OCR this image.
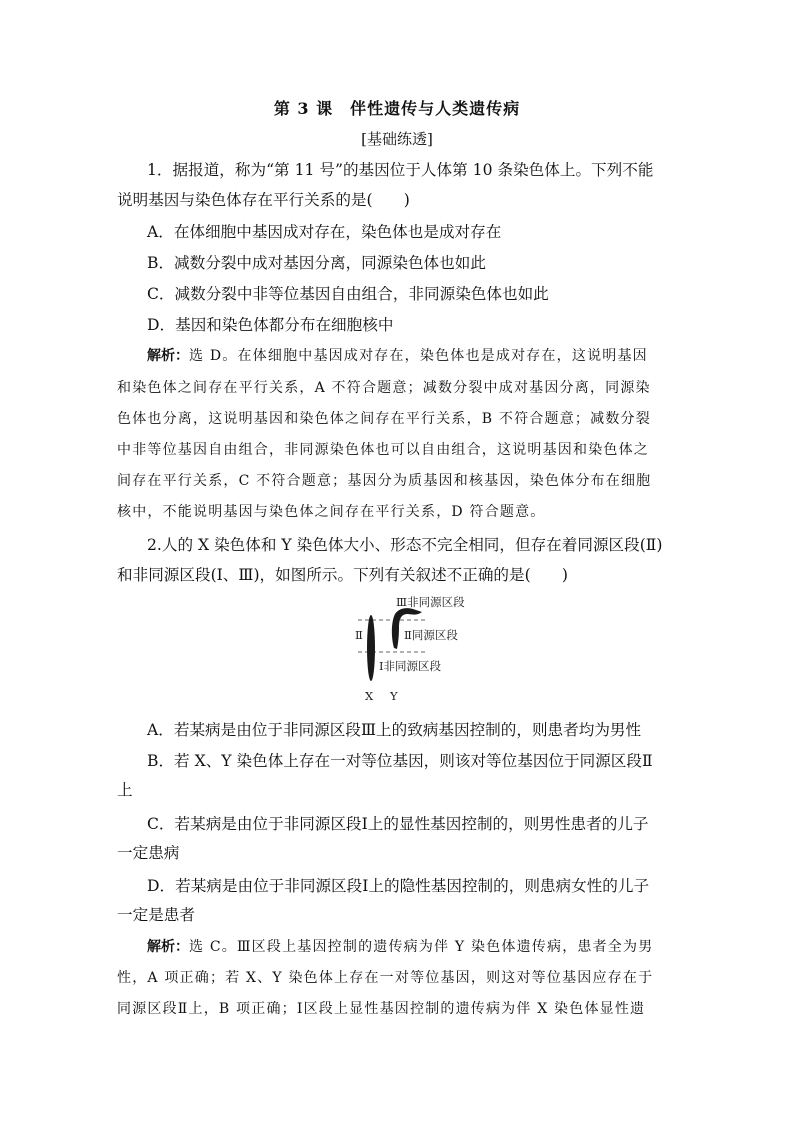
第 3 课　伴性遗传与人类遗传病
[基础练透]
1．据报道，称为“第 11 号”的基因位于人体第 10 条染色体上。下列不能
说明基因与染色体存在平行关系的是(　　)
A．在体细胞中基因成对存在，染色体也是成对存在
B．减数分裂中成对基因分离，同源染色体也如此
C．减数分裂中非等位基因自由组合，非同源染色体也如此
D．基因和染色体都分布在细胞核中
解析：选 D。在体细胞中基因成对存在，染色体也是成对存在，这说明基因
和染色体之间存在平行关系，A 不符合题意；减数分裂中成对基因分离，同源染
色体也分离，这说明基因和染色体之间存在平行关系，B 不符合题意；减数分裂
中非等位基因自由组合，非同源染色体也可以自由组合，这说明基因和染色体之
间存在平行关系，C 不符合题意；基因分为质基因和核基因，染色体分布在细胞
核中，不能说明基因与染色体之间存在平行关系，D 符合题意。
2.人的 X 染色体和 Y 染色体大小、形态不完全相同，但存在着同源区段(Ⅱ)
和非同源区段(Ⅰ、Ⅲ)，如图所示。下列有关叙述不正确的是(　　)
Ⅲ非同源区段
Ⅱ	Ⅱ同源区段
Ⅰ非同源区段
X Y
A．若某病是由位于非同源区段Ⅲ上的致病基因控制的，则患者均为男性
B．若 X、Y 染色体上存在一对等位基因，则该对等位基因位于同源区段Ⅱ
上
C．若某病是由位于非同源区段Ⅰ上的显性基因控制的，则男性患者的儿子
一定患病
D．若某病是由位于非同源区段Ⅰ上的隐性基因控制的，则患病女性的儿子
一定是患者
解析：选 C。Ⅲ区段上基因控制的遗传病为伴 Y 染色体遗传病，患者全为男
性，A 项正确；若 X、Y 染色体上存在一对等位基因，则这对等位基因应存在于
同源区段Ⅱ上，B 项正确；Ⅰ区段上显性基因控制的遗传病为伴 X 染色体显性遗
